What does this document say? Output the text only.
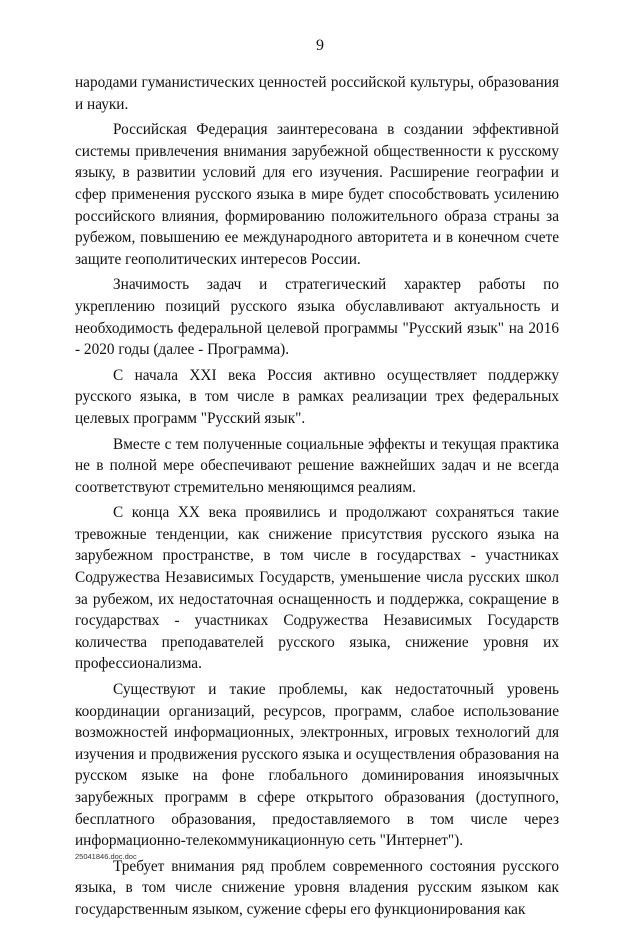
9

народами гуманистических ценностей российской культуры, образования и науки.

Российская Федерация заинтересована в создании эффективной системы привлечения внимания зарубежной общественности к русскому языку, в развитии условий для его изучения. Расширение географии и сфер применения русского языка в мире будет способствовать усилению российского влияния, формированию положительного образа страны за рубежом, повышению ее международного авторитета и в конечном счете защите геополитических интересов России.

Значимость задач и стратегический характер работы по укреплению позиций русского языка обуславливают актуальность и необходимость федеральной целевой программы "Русский язык" на 2016 - 2020 годы (далее - Программа).

С начала XXI века Россия активно осуществляет поддержку русского языка, в том числе в рамках реализации трех федеральных целевых программ "Русский язык".

Вместе с тем полученные социальные эффекты и текущая практика не в полной мере обеспечивают решение важнейших задач и не всегда соответствуют стремительно меняющимся реалиям.

С конца XX века проявились и продолжают сохраняться такие тревожные тенденции, как снижение присутствия русского языка на зарубежном пространстве, в том числе в государствах - участниках Содружества Независимых Государств, уменьшение числа русских школ за рубежом, их недостаточная оснащенность и поддержка, сокращение в государствах - участниках Содружества Независимых Государств количества преподавателей русского языка, снижение уровня их профессионализма.

Существуют и такие проблемы, как недостаточный уровень координации организаций, ресурсов, программ, слабое использование возможностей информационных, электронных, игровых технологий для изучения и продвижения русского языка и осуществления образования на русском языке на фоне глобального доминирования иноязычных зарубежных программ в сфере открытого образования (доступного, бесплатного образования, предоставляемого в том числе через информационно-телекоммуникационную сеть "Интернет").

Требует внимания ряд проблем современного состояния русского языка, в том числе снижение уровня владения русским языком как государственным языком, сужение сферы его функционирования как

25041846.doc.doc
